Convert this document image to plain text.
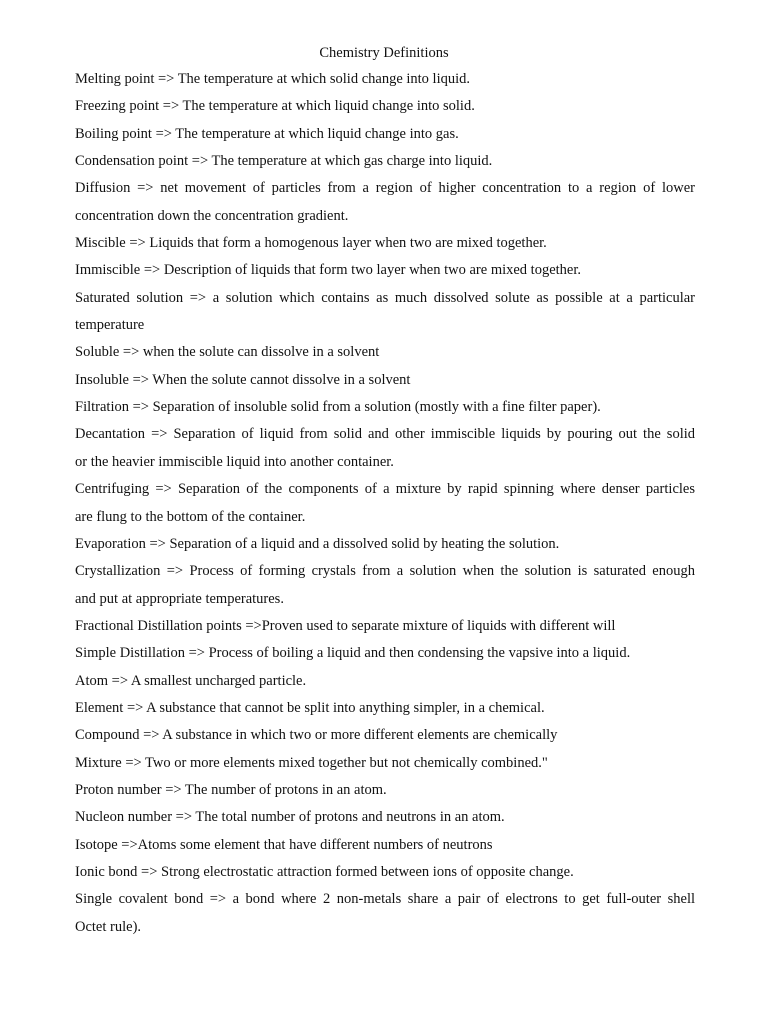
Chemistry Definitions
Melting point => The temperature at which solid change into liquid.
Freezing point => The temperature at which liquid change into solid.
Boiling point => The temperature at which liquid change into gas.
Condensation point => The temperature at which gas charge into liquid.
Diffusion => net movement of particles from a region of higher concentration to a region of lower
concentration down the concentration gradient.
Miscible => Liquids that form a homogenous layer when two are mixed together.
Immiscible => Description of liquids that form two layer when two are mixed together.
Saturated solution => a solution which contains as much dissolved solute as possible at a particular
temperature
Soluble => when the solute can dissolve in a solvent
Insoluble => When the solute cannot dissolve in a solvent
Filtration => Separation of insoluble solid from a solution (mostly with a fine filter paper).
Decantation => Separation of liquid from solid and other immiscible liquids by pouring out the solid
or the heavier immiscible liquid into another container.
Centrifuging => Separation of the components of a mixture by rapid spinning where denser particles
are flung to the bottom of the container.
Evaporation => Separation of a liquid and a dissolved solid by heating the solution.
Crystallization => Process of forming crystals from a solution when the solution is saturated enough
and put at appropriate temperatures.
Fractional Distillation points =>Proven used to separate mixture of liquids with different will
Simple Distillation => Process of boiling a liquid and then condensing the vapsive into a liquid.
Atom => A smallest uncharged particle.
Element => A substance that cannot be split into anything simpler, in a chemical.
Compound => A substance in which two or more different elements are chemically
Mixture => Two or more elements mixed together but not chemically combined."
Proton number => The number of protons in an atom.
Nucleon number => The total number of protons and neutrons in an atom.
Isotope =>Atoms some element that have different numbers of neutrons
Ionic bond => Strong electrostatic attraction formed between ions of opposite change.
Single covalent bond => a bond where 2 non-metals share a pair of electrons to get full-outer shell
Octet rule).
